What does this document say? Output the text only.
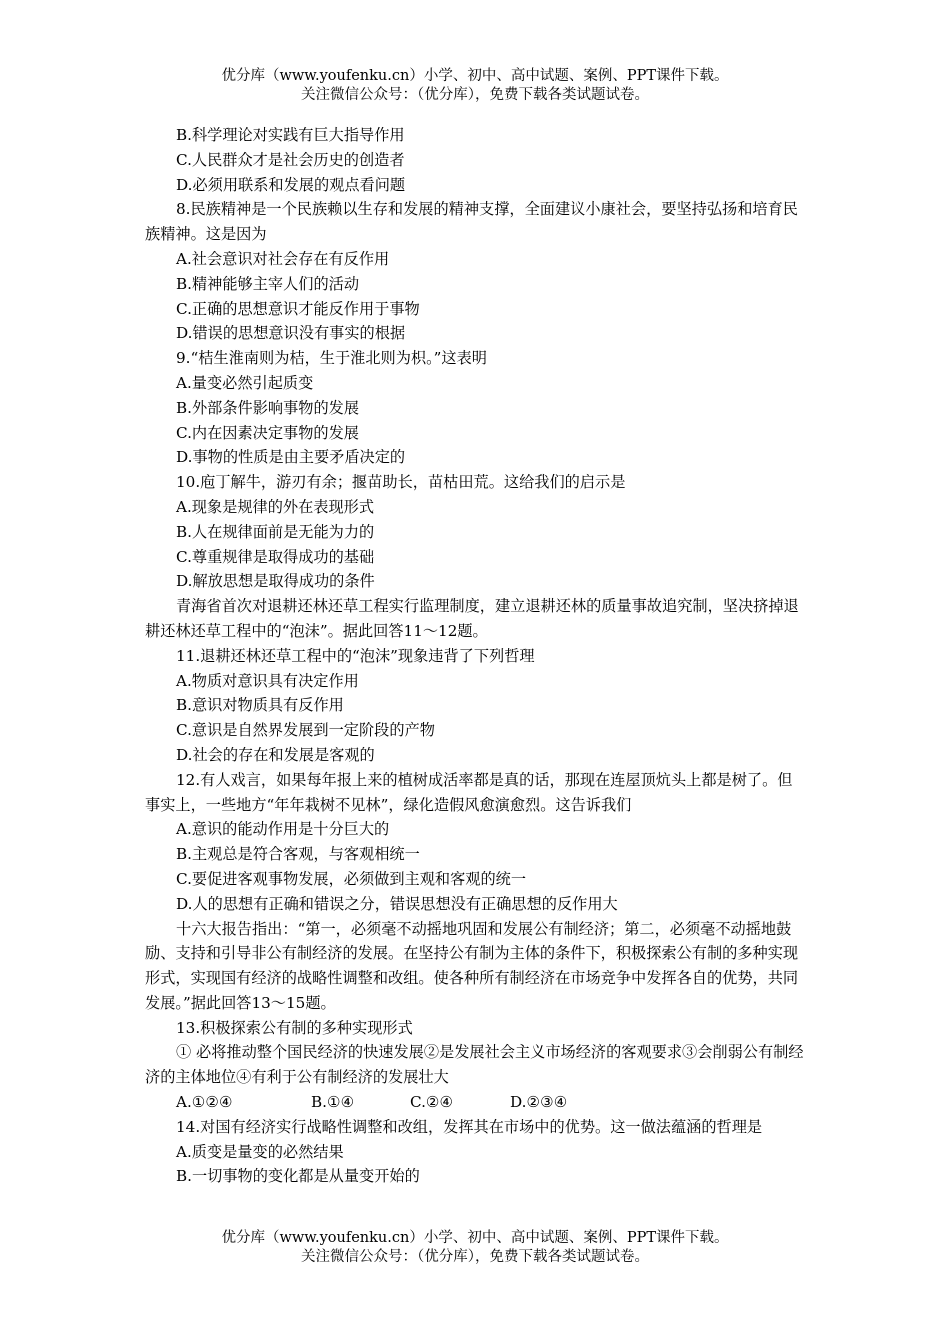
优分库（www.youfenku.cn）小学、初中、高中试题、案例、PPT课件下载。
关注微信公众号：（优分库），免费下载各类试题试卷。

B.科学理论对实践有巨大指导作用

C.人民群众才是社会历史的创造者

D.必须用联系和发展的观点看问题

8.民族精神是一个民族赖以生存和发展的精神支撑，全面建议小康社会，要坚持弘扬和培育民族精神。这是因为

A.社会意识对社会存在有反作用

B.精神能够主宰人们的活动

C.正确的思想意识才能反作用于事物

D.错误的思想意识没有事实的根据

9.“桔生淮南则为桔，生于淮北则为枳。”这表明

A.量变必然引起质变

B.外部条件影响事物的发展

C.内在因素决定事物的发展

D.事物的性质是由主要矛盾决定的

10.庖丁解牛，游刃有余；揠苗助长，苗枯田荒。这给我们的启示是

A.现象是规律的外在表现形式

B.人在规律面前是无能为力的

C.尊重规律是取得成功的基础

D.解放思想是取得成功的条件

青海省首次对退耕还林还草工程实行监理制度，建立退耕还林的质量事故追究制，坚决挤掉退耕还林还草工程中的“泡沫”。据此回答11～12题。

11.退耕还林还草工程中的“泡沫”现象违背了下列哲理

A.物质对意识具有决定作用

B.意识对物质具有反作用

C.意识是自然界发展到一定阶段的产物

D.社会的存在和发展是客观的

12.有人戏言，如果每年报上来的植树成活率都是真的话，那现在连屋顶炕头上都是树了。但事实上，一些地方“年年栽树不见林”，绿化造假风愈演愈烈。这告诉我们

A.意识的能动作用是十分巨大的

B.主观总是符合客观，与客观相统一

C.要促进客观事物发展，必须做到主观和客观的统一

D.人的思想有正确和错误之分，错误思想没有正确思想的反作用大

十六大报告指出：“第一，必须毫不动摇地巩固和发展公有制经济；第二，必须毫不动摇地鼓励、支持和引导非公有制经济的发展。在坚持公有制为主体的条件下，积极探索公有制的多种实现形式，实现国有经济的战略性调整和改组。使各种所有制经济在市场竞争中发挥各自的优势，共同发展。”据此回答13～15题。

13.积极探索公有制的多种实现形式

① 必将推动整个国民经济的快速发展②是发展社会主义市场经济的客观要求③会削弱公有制经济的主体地位④有利于公有制经济的发展壮大

A.①②④	B.①④	C.②④	D.②③④

14.对国有经济实行战略性调整和改组，发挥其在市场中的优势。这一做法蕴涵的哲理是

A.质变是量变的必然结果

B.一切事物的变化都是从量变开始的

优分库（www.youfenku.cn）小学、初中、高中试题、案例、PPT课件下载。
关注微信公众号：（优分库），免费下载各类试题试卷。
